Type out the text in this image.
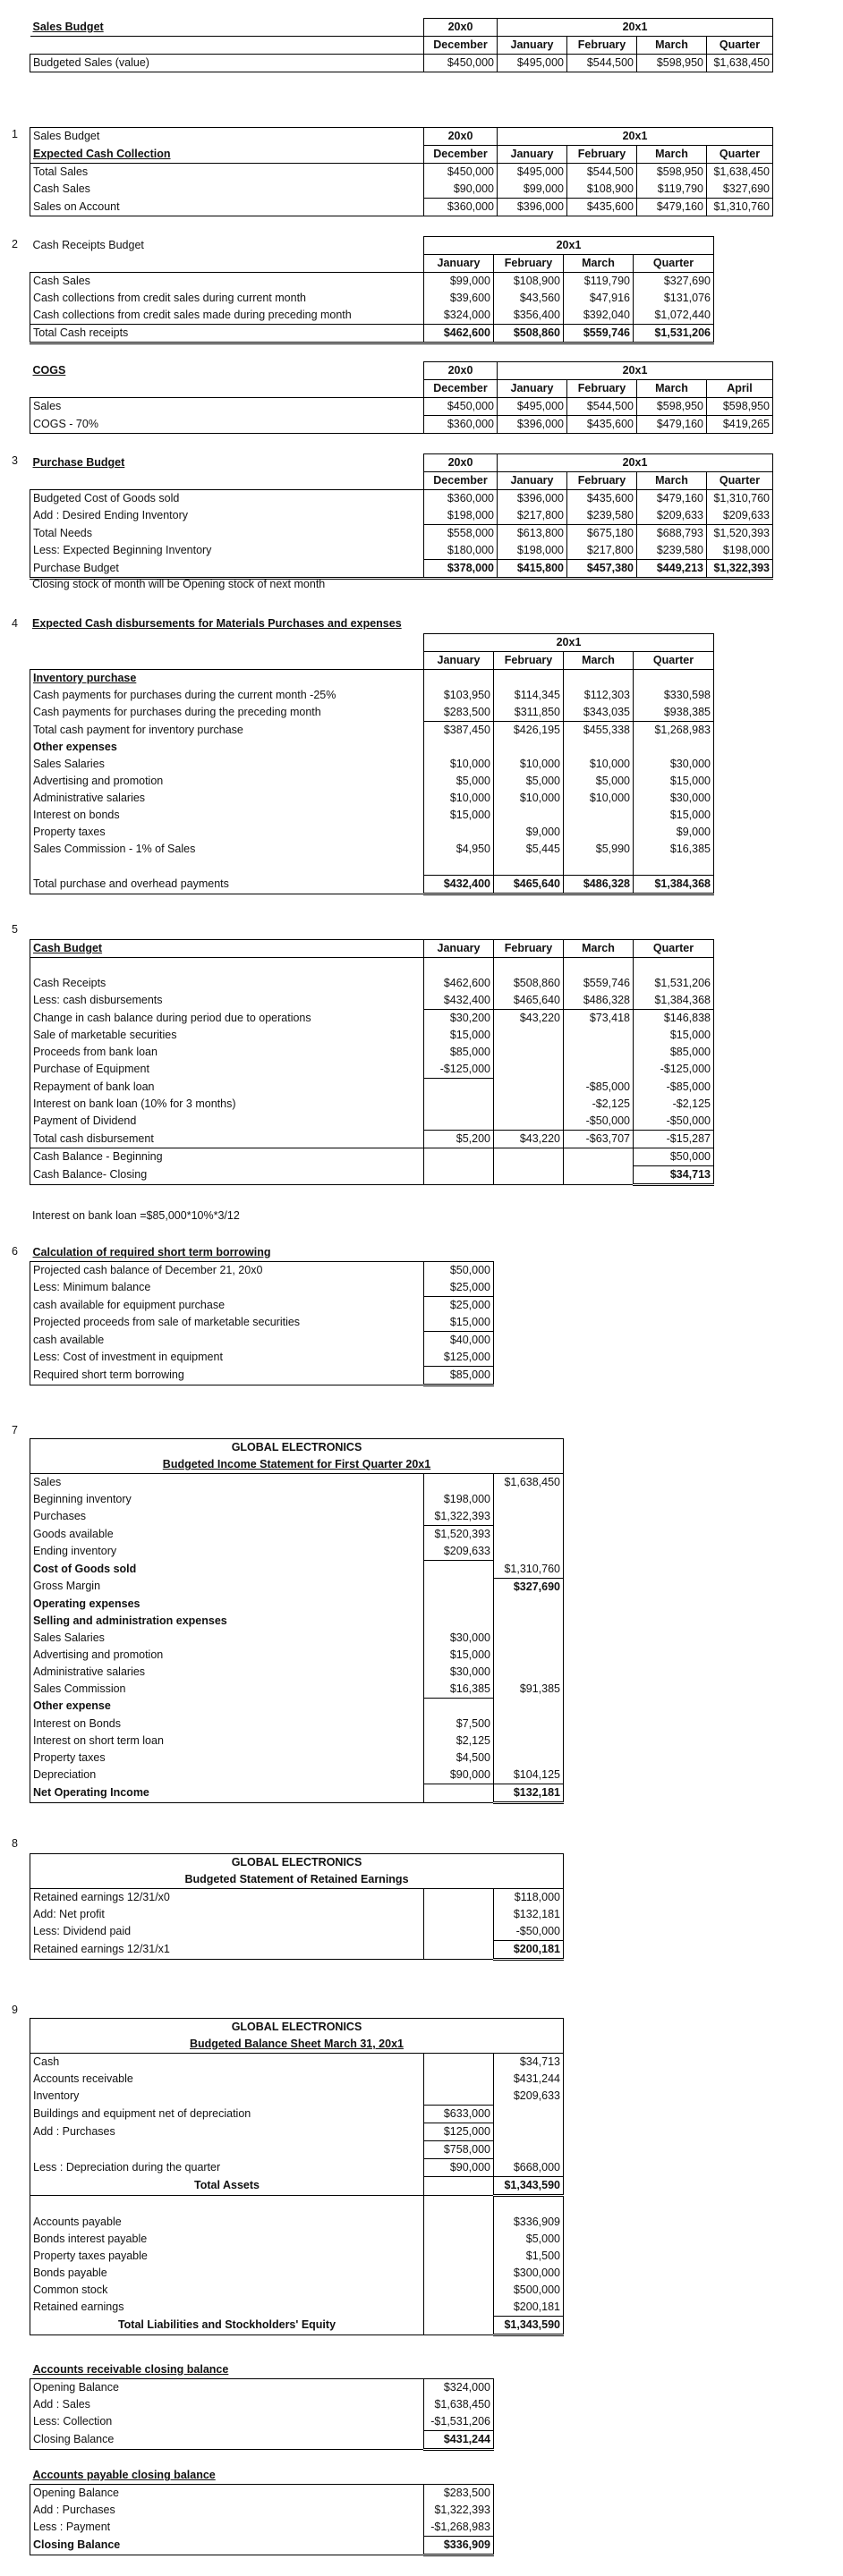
Sales Budget	20x0	20x1			
	December	January	February	March	Quarter
Budgeted Sales (value)	$450,000	$495,000	$544,500	$598,950	$1,638,450
1 Sales Budget	20x0	20x1			
Expected Cash Collection	December	January	February	March	Quarter
Total Sales	$450,000	$495,000	$544,500	$598,950	$1,638,450
Cash Sales	$90,000	$99,000	$108,900	$119,790	$327,690
Sales on Account	$360,000	$396,000	$435,600	$479,160	$1,310,760
2 Cash Receipts Budget	20x1			
	January	February	March	Quarter
Cash Sales	$99,000	$108,900	$119,790	$327,690
Cash collections from credit sales during current month	$39,600	$43,560	$47,916	$131,076
Cash collections from credit sales made during preceding month	$324,000	$356,400	$392,040	$1,072,440
Total Cash receipts	$462,600	$508,860	$559,746	$1,531,206
COGS	20x0	20x1			
	December	January	February	March	April
Sales	$450,000	$495,000	$544,500	$598,950	$598,950
COGS - 70%	$360,000	$396,000	$435,600	$479,160	$419,265
3 Purchase Budget	20x0	20x1			
	December	January	February	March	Quarter
Budgeted Cost of Goods sold	$360,000	$396,000	$435,600	$479,160	$1,310,760
Add : Desired Ending Inventory	$198,000	$217,800	$239,580	$209,633	$209,633
Total Needs	$558,000	$613,800	$675,180	$688,793	$1,520,393
Less: Expected Beginning Inventory	$180,000	$198,000	$217,800	$239,580	$198,000
Purchase Budget	$378,000	$415,800	$457,380	$449,213	$1,322,393
Closing stock of month will be Opening stock of next month
4 Expected Cash disbursements for Materials Purchases and expenses
	20x1			
	January	February	March	Quarter
Inventory purchase				
Cash payments for purchases during the current month -25%	$103,950	$114,345	$112,303	$330,598
Cash payments for purchases during the preceding month	$283,500	$311,850	$343,035	$938,385
Total cash payment for inventory purchase	$387,450	$426,195	$455,338	$1,268,983
Other expenses				
Sales Salaries	$10,000	$10,000	$10,000	$30,000
Advertising and promotion	$5,000	$5,000	$5,000	$15,000
Administrative salaries	$10,000	$10,000	$10,000	$30,000
Interest on bonds	$15,000			$15,000
Property taxes		$9,000		$9,000
Sales Commission - 1% of Sales	$4,950	$5,445	$5,990	$16,385

Total purchase and overhead payments	$432,400	$465,640	$486,328	$1,384,368
5
Cash Budget	January	February	March	Quarter

Cash Receipts	$462,600	$508,860	$559,746	$1,531,206
Less: cash disbursements	$432,400	$465,640	$486,328	$1,384,368
Change in cash balance during period due to operations	$30,200	$43,220	$73,418	$146,838
Sale of marketable securities	$15,000			$15,000
Proceeds from bank loan	$85,000			$85,000
Purchase of Equipment	-$125,000			-$125,000
Repayment of bank loan			-$85,000	-$85,000
Interest on bank loan (10% for 3 months)			-$2,125	-$2,125
Payment of Dividend			-$50,000	-$50,000
Total cash disbursement	$5,200	$43,220	-$63,707	-$15,287
Cash Balance - Beginning				$50,000
Cash Balance- Closing				$34,713
Interest on bank loan =$85,000*10%*3/12
6 Calculation of required short term borrowing	
Projected cash balance of December 21, 20x0	$50,000
Less: Minimum balance	$25,000
cash available for equipment purchase	$25,000
Projected proceeds from sale of marketable securities	$15,000
cash available	$40,000
Less: Cost of investment in equipment	$125,000
Required short term borrowing	$85,000
7
GLOBAL ELECTRONICS		
Budgeted Income Statement for First Quarter 20x1		
Sales		$1,638,450
Beginning inventory	$198,000	
Purchases	$1,322,393	
Goods available	$1,520,393	
Ending inventory	$209,633	
Cost of Goods sold		$1,310,760
Gross Margin		$327,690
Operating expenses		
Selling and administration expenses		
Sales Salaries	$30,000	
Advertising and promotion	$15,000	
Administrative salaries	$30,000	
Sales Commission	$16,385	$91,385
Other expense		
Interest on Bonds	$7,500	
Interest on short term loan	$2,125	
Property taxes	$4,500	
Depreciation	$90,000	$104,125
Net Operating Income		$132,181
8
GLOBAL ELECTRONICS		
Budgeted Statement of Retained Earnings		
Retained earnings 12/31/x0		$118,000
Add: Net profit		$132,181
Less: Dividend paid		-$50,000
Retained earnings 12/31/x1		$200,181
9
GLOBAL ELECTRONICS		
Budgeted Balance Sheet March 31, 20x1		
Cash		$34,713
Accounts receivable		$431,244
Inventory		$209,633
Buildings and equipment net of depreciation	$633,000	
Add : Purchases	$125,000	
	$758,000	
Less : Depreciation during the quarter	$90,000	$668,000
Total Assets		$1,343,590

Accounts payable		$336,909
Bonds interest payable		$5,000
Property taxes payable		$1,500
Bonds payable		$300,000
Common stock		$500,000
Retained earnings		$200,181
Total Liabilities and Stockholders' Equity		$1,343,590
Accounts receivable closing balance	
Opening Balance	$324,000
Add : Sales	$1,638,450
Less: Collection	-$1,531,206
Closing Balance	$431,244
Accounts payable closing balance	
Opening Balance	$283,500
Add : Purchases	$1,322,393
Less : Payment	-$1,268,983
Closing Balance	$336,909
